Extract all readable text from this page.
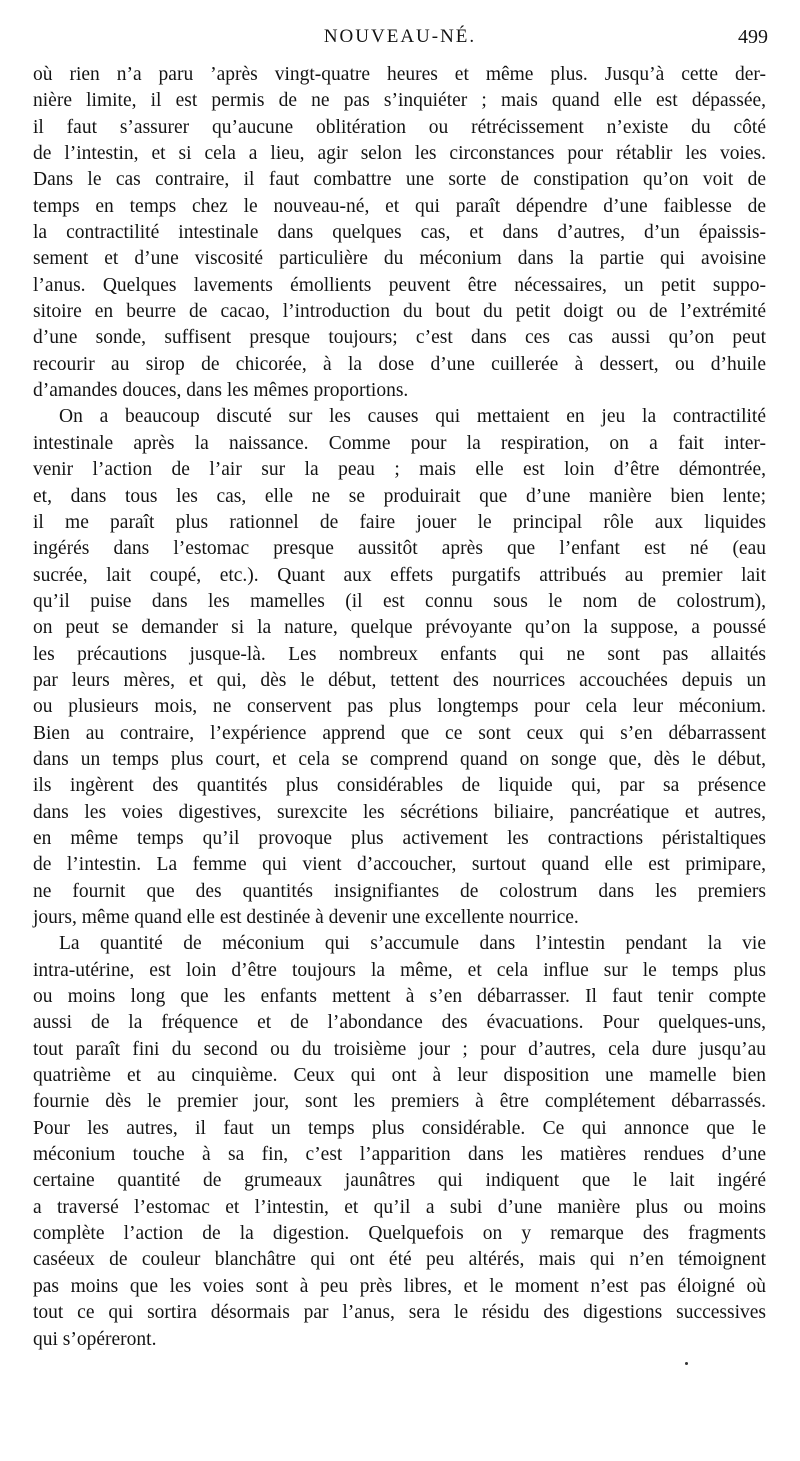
NOUVEAU-NÉ.	499

où rien n’a paru ’après vingt-quatre heures et même plus. Jusqu’à cette der-

nière limite, il est permis de ne pas s’inquiéter ; mais quand elle est dépassée,

il faut s’assurer qu’aucune oblitération ou rétrécissement n’existe du côté

de l’intestin, et si cela a lieu, agir selon les circonstances pour rétablir les voies.

Dans le cas contraire, il faut combattre une sorte de constipation qu’on voit de

temps en temps chez le nouveau-né, et qui paraît dépendre d’une faiblesse de

la contractilité intestinale dans quelques cas, et dans d’autres, d’un épaissis-

sement et d’une viscosité particulière du méconium dans la partie qui avoisine

l’anus. Quelques lavements émollients peuvent être nécessaires, un petit suppo-

sitoire en beurre de cacao, l’introduction du bout du petit doigt ou de l’extrémité

d’une sonde, suffisent presque toujours; c’est dans ces cas aussi qu’on peut

recourir au sirop de chicorée, à la dose d’une cuillerée à dessert, ou d’huile

d’amandes douces, dans les mêmes proportions.

On a beaucoup discuté sur les causes qui mettaient en jeu la contractilité

intestinale après la naissance. Comme pour la respiration, on a fait inter-

venir l’action de l’air sur la peau ; mais elle est loin d’être démontrée,

et, dans tous les cas, elle ne se produirait que d’une manière bien lente;

il me paraît plus rationnel de faire jouer le principal rôle aux liquides

ingérés dans l’estomac presque aussitôt après que l’enfant est né (eau

sucrée, lait coupé, etc.). Quant aux effets purgatifs attribués au premier lait

qu’il puise dans les mamelles (il est connu sous le nom de colostrum),

on peut se demander si la nature, quelque prévoyante qu’on la suppose, a poussé

les précautions jusque-là. Les nombreux enfants qui ne sont pas allaités

par leurs mères, et qui, dès le début, tettent des nourrices accouchées depuis un

ou plusieurs mois, ne conservent pas plus longtemps pour cela leur méconium.

Bien au contraire, l’expérience apprend que ce sont ceux qui s’en débarrassent

dans un temps plus court, et cela se comprend quand on songe que, dès le début,

ils ingèrent des quantités plus considérables de liquide qui, par sa présence

dans les voies digestives, surexcite les sécrétions biliaire, pancréatique et autres,

en même temps qu’il provoque plus activement les contractions péristaltiques

de l’intestin. La femme qui vient d’accoucher, surtout quand elle est primipare,

ne fournit que des quantités insignifiantes de colostrum dans les premiers

jours, même quand elle est destinée à devenir une excellente nourrice.

La quantité de méconium qui s’accumule dans l’intestin pendant la vie

intra-utérine, est loin d’être toujours la même, et cela influe sur le temps plus

ou moins long que les enfants mettent à s’en débarrasser. Il faut tenir compte

aussi de la fréquence et de l’abondance des évacuations. Pour quelques-uns,

tout paraît fini du second ou du troisième jour ; pour d’autres, cela dure jusqu’au

quatrième et au cinquième. Ceux qui ont à leur disposition une mamelle bien

fournie dès le premier jour, sont les premiers à être complétement débarrassés.

Pour les autres, il faut un temps plus considérable. Ce qui annonce que le

méconium touche à sa fin, c’est l’apparition dans les matières rendues d’une

certaine quantité de grumeaux jaunâtres qui indiquent que le lait ingéré

a traversé l’estomac et l’intestin, et qu’il a subi d’une manière plus ou moins

complète l’action de la digestion. Quelquefois on y remarque des fragments

caséeux de couleur blanchâtre qui ont été peu altérés, mais qui n’en témoignent

pas moins que les voies sont à peu près libres, et le moment n’est pas éloigné où

tout ce qui sortira désormais par l’anus, sera le résidu des digestions successives

qui s’opéreront.
